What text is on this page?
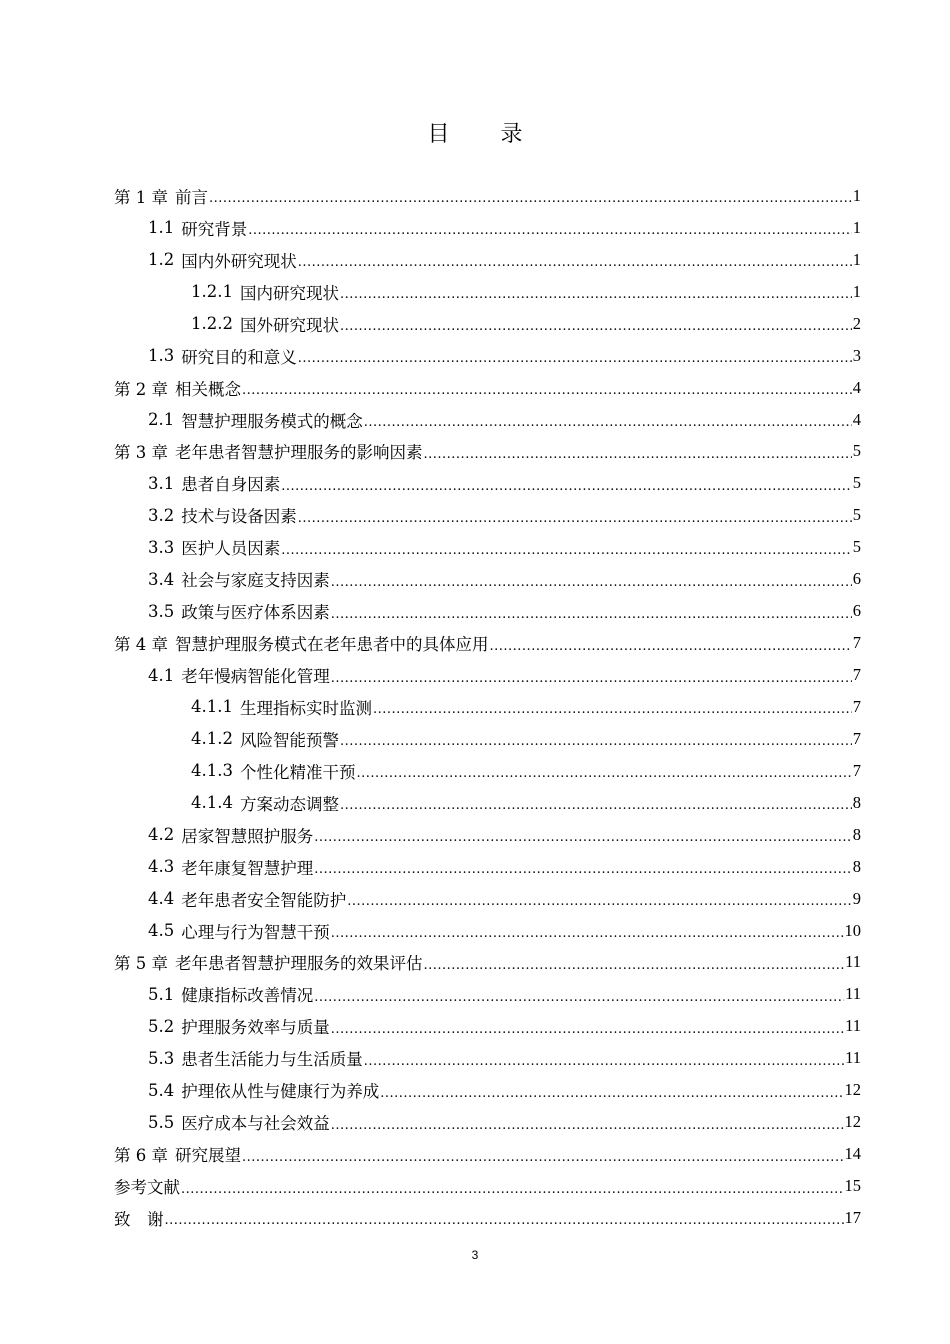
目 录
第 1 章 前言 .....	1
1.1 研究背景 .....	1
1.2 国内外研究现状 .....	1
1.2.1 国内研究现状 .....	1
1.2.2 国外研究现状 .....	2
1.3 研究目的和意义 .....	3
第 2 章 相关概念 .....	4
2.1 智慧护理服务模式的概念 .....	4
第 3 章 老年患者智慧护理服务的影响因素 .....	5
3.1 患者自身因素 .....	5
3.2 技术与设备因素 .....	5
3.3 医护人员因素 .....	5
3.4 社会与家庭支持因素 .....	6
3.5 政策与医疗体系因素 .....	6
第 4 章 智慧护理服务模式在老年患者中的具体应用 .....	7
4.1 老年慢病智能化管理 .....	7
4.1.1 生理指标实时监测 .....	7
4.1.2 风险智能预警 .....	7
4.1.3 个性化精准干预 .....	7
4.1.4 方案动态调整 .....	8
4.2 居家智慧照护服务 .....	8
4.3 老年康复智慧护理 .....	8
4.4 老年患者安全智能防护 .....	9
4.5 心理与行为智慧干预 .....	10
第 5 章 老年患者智慧护理服务的效果评估 .....	11
5.1 健康指标改善情况 .....	11
5.2 护理服务效率与质量 .....	11
5.3 患者生活能力与生活质量 .....	11
5.4 护理依从性与健康行为养成 .....	12
5.5 医疗成本与社会效益 .....	12
第 6 章 研究展望 .....	14
参考文献 .....	15
致　谢 .....	17
3
